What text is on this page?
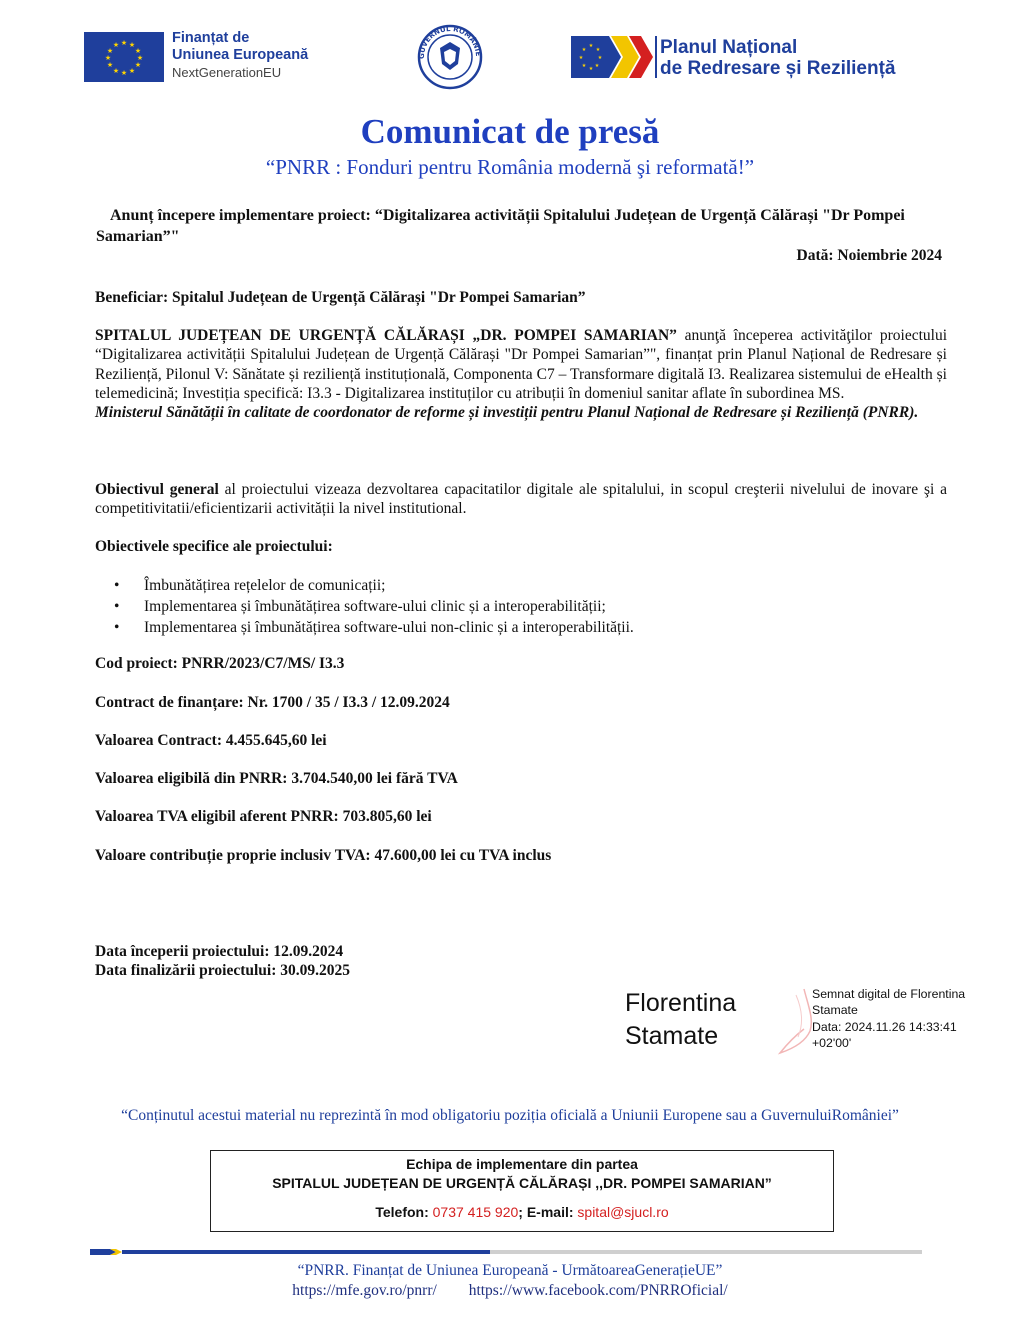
★ ★
★
★
★
★
★
★
★
★
★
★	Finanțat de
Uniunea Europeană
NextGenerationEU
GUVERNUL ROMÂNIE
★
★
★
★
★
★
★
★	Planul Național
de Redresare și Reziliență
Comunicat de presă
“PNRR : Fonduri pentru România modernă şi reformată!”
Anunț începere implementare proiect: “Digitalizarea activității Spitalului Județean de Urgență Călărași "Dr Pompei Samarian”"
Dată: Noiembrie 2024
Beneficiar: Spitalul Județean de Urgență Călărași "Dr Pompei Samarian”
SPITALUL JUDEȚEAN DE URGENȚĂ CĂLĂRAȘI „DR. POMPEI SAMARIAN” anunţă începerea activităţilor proiectului “Digitalizarea activității Spitalului Județean de Urgență Călărași "Dr Pompei Samarian”", finanțat prin Planul Național de Redresare și Reziliență, Pilonul V: Sănătate și reziliență instituțională, Componenta C7 – Transformare digitală I3. Realizarea sistemului de eHealth și telemedicină; Investiția specifică: I3.3 - Digitalizarea instituților cu atribuții în domeniul sanitar aflate în subordinea MS.
Ministerul Sănătății în calitate de coordonator de reforme și investiții pentru Planul Național de Redresare și Reziliență (PNRR).
Obiectivul general al proiectului vizeaza dezvoltarea capacitatilor digitale ale spitalului, in scopul creşterii nivelului de inovare şi a competitivitatii/eficientizarii activității la nivel institutional.
Obiectivele specifice ale proiectului:
• Îmbunătățirea rețelelor de comunicații;
• Implementarea și îmbunătățirea software-ului clinic și a interoperabilității;
• Implementarea și îmbunătățirea software-ului non-clinic și a interoperabilității.
Cod proiect: PNRR/2023/C7/MS/ I3.3
Contract de finanțare: Nr. 1700 / 35 / I3.3 / 12.09.2024
Valoarea Contract: 4.455.645,60 lei
Valoarea eligibilă din PNRR: 3.704.540,00 lei fără TVA
Valoarea TVA eligibil aferent PNRR: 703.805,60 lei
Valoare contribuție proprie inclusiv TVA: 47.600,00 lei cu TVA inclus
Data începerii proiectului: 12.09.2024
Data finalizării proiectului: 30.09.2025
Florentina
Stamate
Semnat digital de Florentina
Stamate
Data: 2024.11.26 14:33:41
+02'00'
“Conținutul acestui material nu reprezintă în mod obligatoriu poziția oficială a Uniunii Europene sau a GuvernuluiRomâniei”
Echipa de implementare din partea
SPITALUL JUDEȚEAN DE URGENȚĂ CĂLĂRAȘI ,,DR. POMPEI SAMARIAN”
Telefon: 0737 415 920; E-mail: spital@sjucl.ro
“PNRR. Finanțat de Uniunea Europeană - UrmătoareaGenerațieUE”
https://mfe.gov.ro/pnrr/ https://www.facebook.com/PNRROficial/
